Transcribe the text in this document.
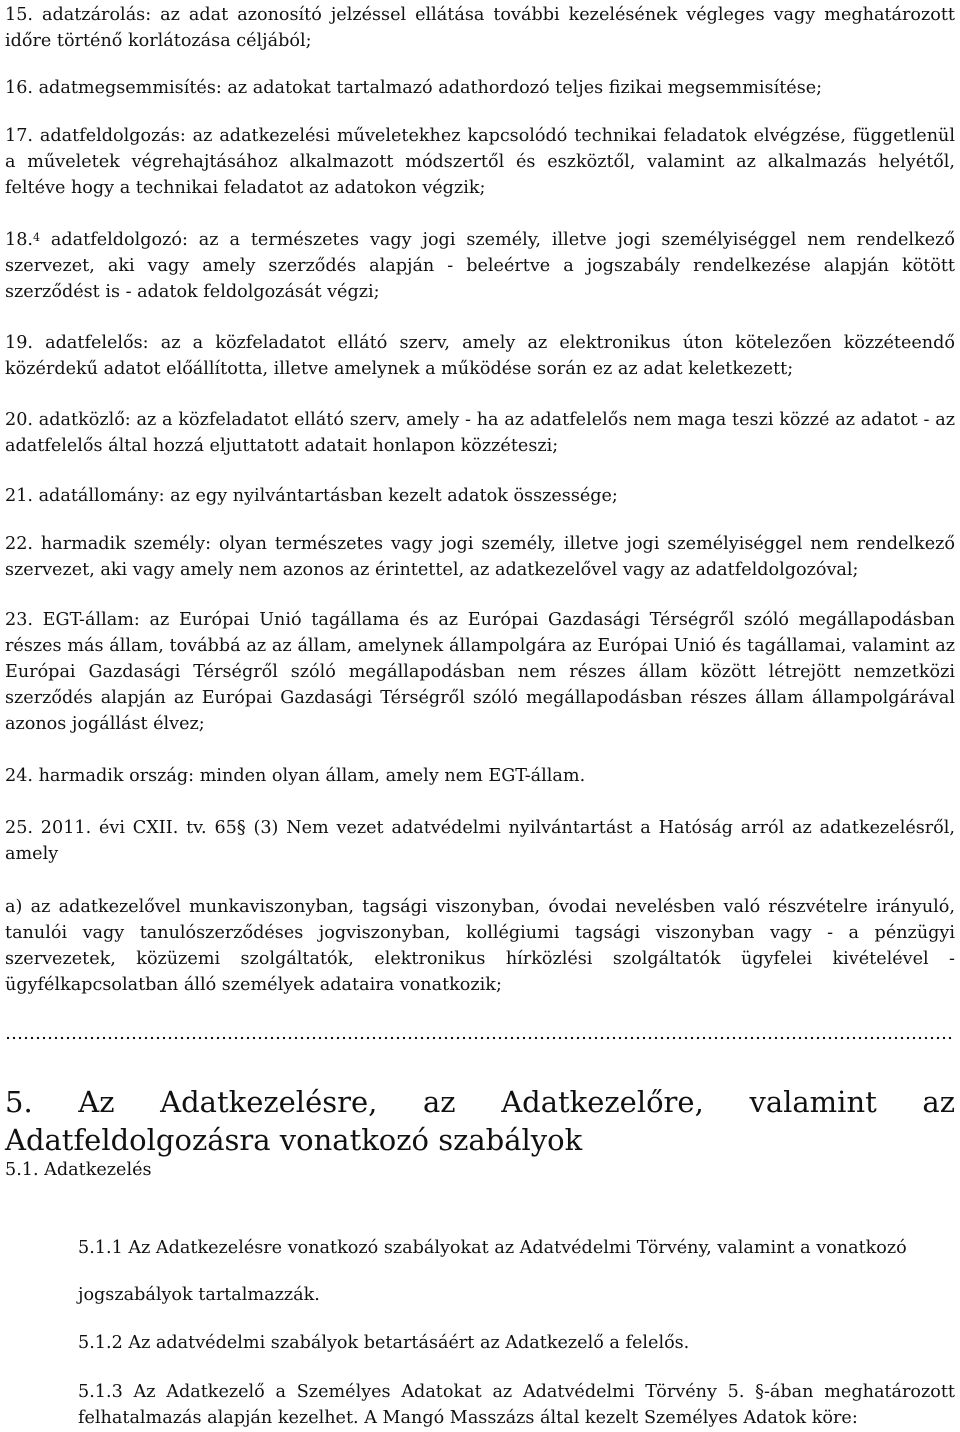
15. adatzárolás: az adat azonosító jelzéssel ellátása további kezelésének végleges vagy meghatározott időre történő korlátozása céljából;

16. adatmegsemmisítés: az adatokat tartalmazó adathordozó teljes fizikai megsemmisítése;

17. adatfeldolgozás: az adatkezelési műveletekhez kapcsolódó technikai feladatok elvégzése, függetlenül a műveletek végrehajtásához alkalmazott módszertől és eszköztől, valamint az alkalmazás helyétől, feltéve hogy a technikai feladatot az adatokon végzik;

18.$^4$ adatfeldolgozó: az a természetes vagy jogi személy, illetve jogi személyiséggel nem rendelkező szervezet, aki vagy amely szerződés alapján - beleértve a jogszabály rendelkezése alapján kötött szerződést is - adatok feldolgozását végzi;

19. adatfelelős: az a közfeladatot ellátó szerv, amely az elektronikus úton kötelezően közzéteendő közérdekű adatot előállította, illetve amelynek a működése során ez az adat keletkezett;

20. adatközlő: az a közfeladatot ellátó szerv, amely - ha az adatfelelős nem maga teszi közzé az adatot - az adatfelelős által hozzá eljuttatott adatait honlapon közzéteszi;

21. adatállomány: az egy nyilvántartásban kezelt adatok összessége;

22. harmadik személy: olyan természetes vagy jogi személy, illetve jogi személyiséggel nem rendelkező szervezet, aki vagy amely nem azonos az érintettel, az adatkezelővel vagy az adatfeldolgozóval;

23. EGT-állam: az Európai Unió tagállama és az Európai Gazdasági Térségről szóló megállapodásban részes más állam, továbbá az az állam, amelynek állampolgára az Európai Unió és tagállamai, valamint az Európai Gazdasági Térségről szóló megállapodásban nem részes állam között létrejött nemzetközi szerződés alapján az Európai Gazdasági Térségről szóló megállapodásban részes állam állampolgárával azonos jogállást élvez;

24. harmadik ország: minden olyan állam, amely nem EGT-állam.

25. 2011. évi CXII. tv. 65§ (3) Nem vezet adatvédelmi nyilvántartást a Hatóság arról az adatkezelésről, amely

a) az adatkezelővel munkaviszonyban, tagsági viszonyban, óvodai nevelésben való részvételre irányuló, tanulói vagy tanulószerződéses jogviszonyban, kollégiumi tagsági viszonyban vagy - a pénzügyi szervezetek, közüzemi szolgáltatók, elektronikus hírközlési szolgáltatók ügyfelei kivételével - ügyfélkapcsolatban álló személyek adataira vonatkozik;

5. Az Adatkezelésre, az Adatkezelőre, valamint az Adatfeldolgozásra vonatkozó szabályok

5.1. Adatkezelés

5.1.1 Az Adatkezelésre vonatkozó szabályokat az Adatvédelmi Törvény, valamint a vonatkozó

jogszabályok tartalmazzák.

5.1.2 Az adatvédelmi szabályok betartásáért az Adatkezelő a felelős.

5.1.3 Az Adatkezelő a Személyes Adatokat az Adatvédelmi Törvény 5. §-ában meghatározott felhatalmazás alapján kezelhet. A Mangó Masszázs által kezelt Személyes Adatok köre:
